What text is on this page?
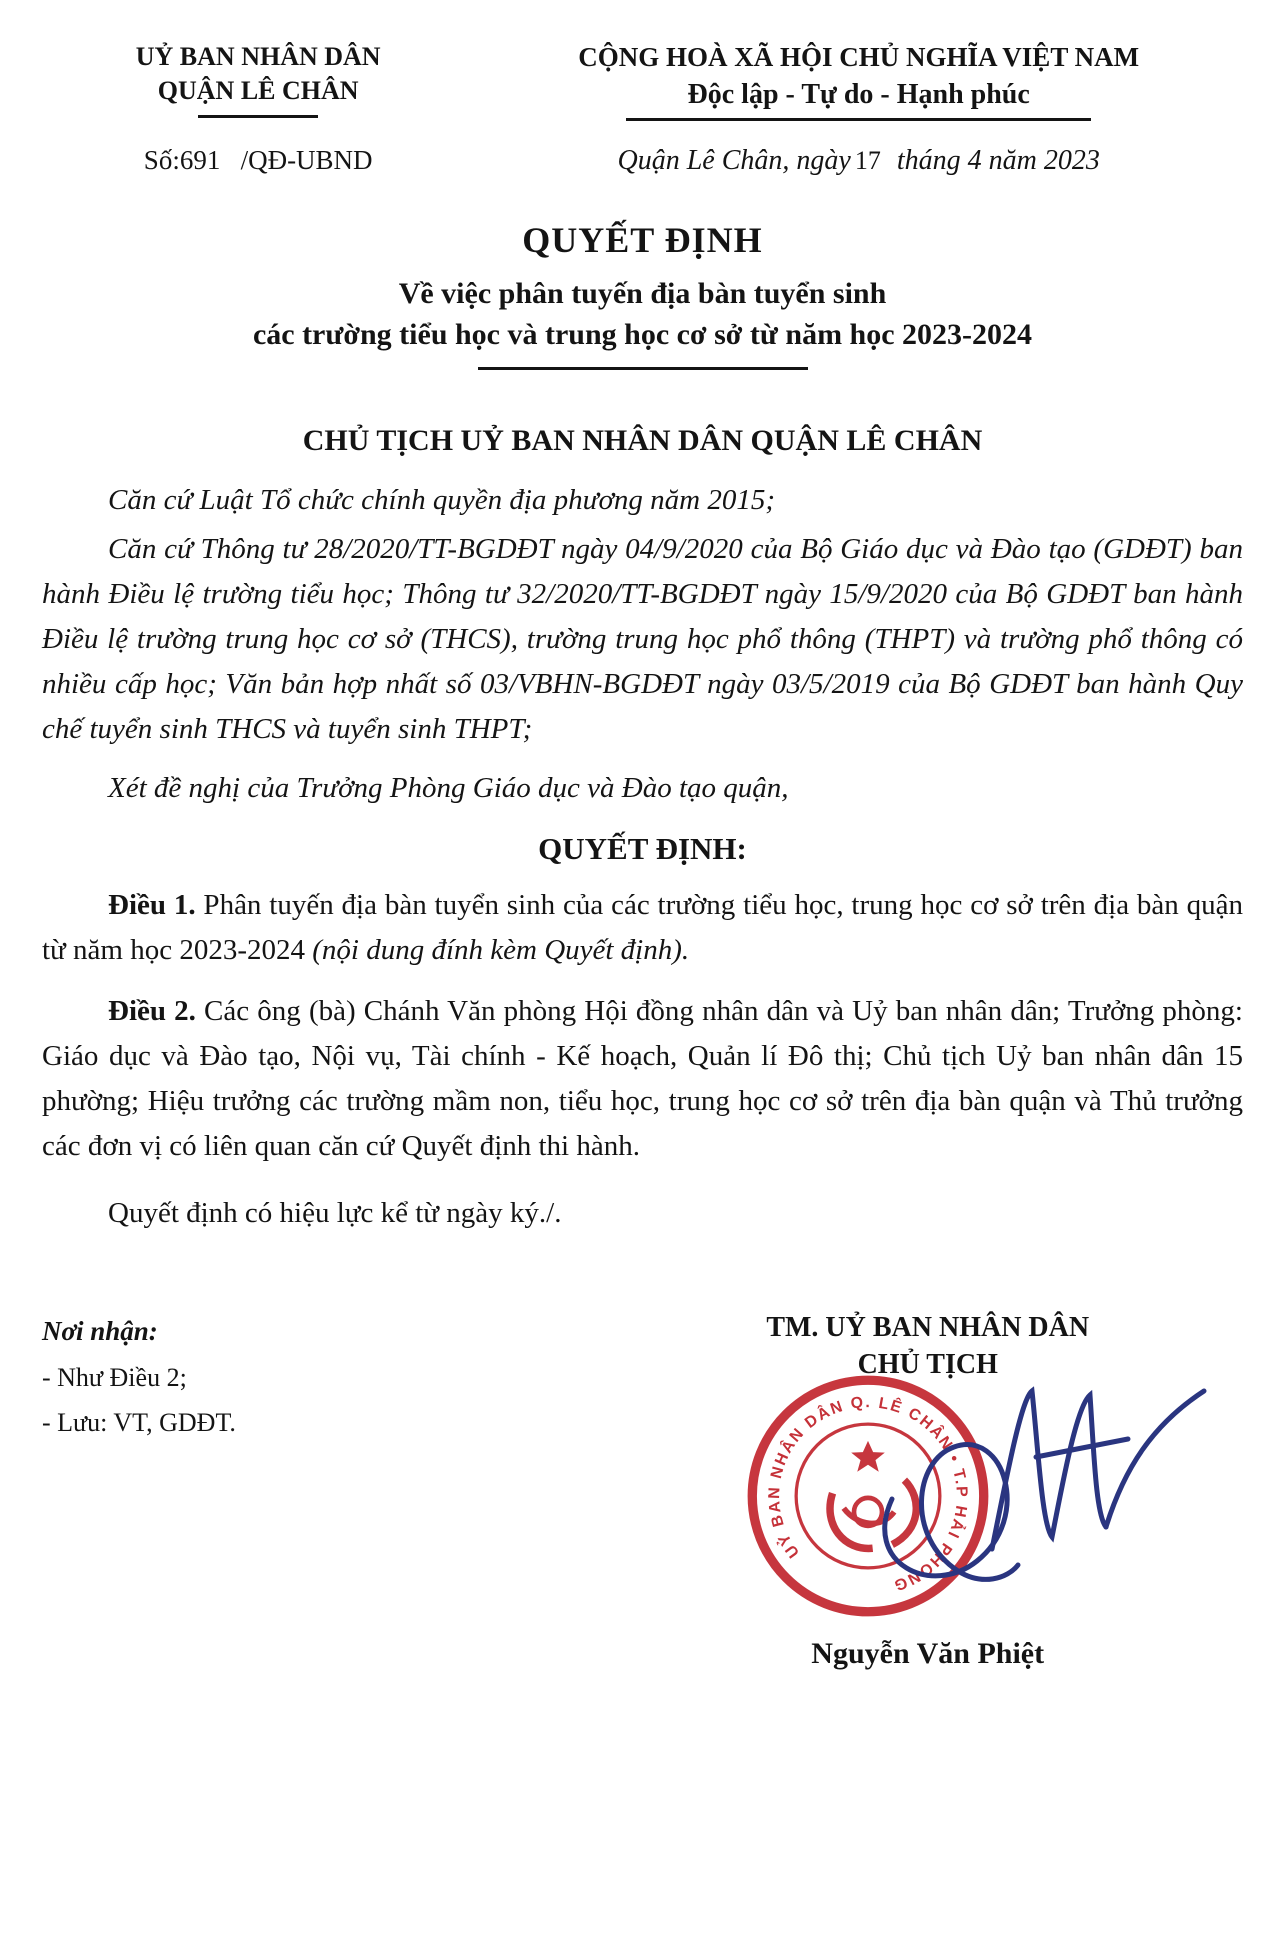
UỶ BAN NHÂN DÂN
QUẬN LÊ CHÂN
CỘNG HOÀ XÃ HỘI CHỦ NGHĨA VIỆT NAM
Độc lập - Tự do - Hạnh phúc
Số:691   /QĐ-UBND	Quận Lê Chân, ngày 17 tháng 4 năm 2023
QUYẾT ĐỊNH
Về việc phân tuyến địa bàn tuyển sinh
các trường tiểu học và trung học cơ sở từ năm học 2023-2024
CHỦ TỊCH UỶ BAN NHÂN DÂN QUẬN LÊ CHÂN

Căn cứ Luật Tổ chức chính quyền địa phương năm 2015;

Căn cứ Thông tư 28/2020/TT-BGDĐT ngày 04/9/2020 của Bộ Giáo dục và Đào tạo (GDĐT) ban hành Điều lệ trường tiểu học; Thông tư 32/2020/TT-BGDĐT ngày 15/9/2020 của Bộ GDĐT ban hành Điều lệ trường trung học cơ sở (THCS), trường trung học phổ thông (THPT) và trường phổ thông có nhiều cấp học; Văn bản hợp nhất số 03/VBHN-BGDĐT ngày 03/5/2019 của Bộ GDĐT ban hành Quy chế tuyển sinh THCS và tuyển sinh THPT;

Xét đề nghị của Trưởng Phòng Giáo dục và Đào tạo quận,

QUYẾT ĐỊNH:

Điều 1. Phân tuyến địa bàn tuyển sinh của các trường tiểu học, trung học cơ sở trên địa bàn quận từ năm học 2023-2024 (nội dung đính kèm Quyết định).

Điều 2. Các ông (bà) Chánh Văn phòng Hội đồng nhân dân và Uỷ ban nhân dân; Trưởng phòng: Giáo dục và Đào tạo, Nội vụ, Tài chính - Kế hoạch, Quản lí Đô thị; Chủ tịch Uỷ ban nhân dân 15 phường; Hiệu trưởng các trường mầm non, tiểu học, trung học cơ sở trên địa bàn quận và Thủ trưởng các đơn vị có liên quan căn cứ Quyết định thi hành.

Quyết định có hiệu lực kể từ ngày ký./.

Nơi nhận:
- Như Điều 2;
- Lưu: VT, GDĐT.
TM. UỶ BAN NHÂN DÂN
CHỦ TỊCH
UỶ BAN NHÂN DÂN Q. LÊ CHÂN • T.P HẢI PHÒNG
Nguyễn Văn Phiệt
